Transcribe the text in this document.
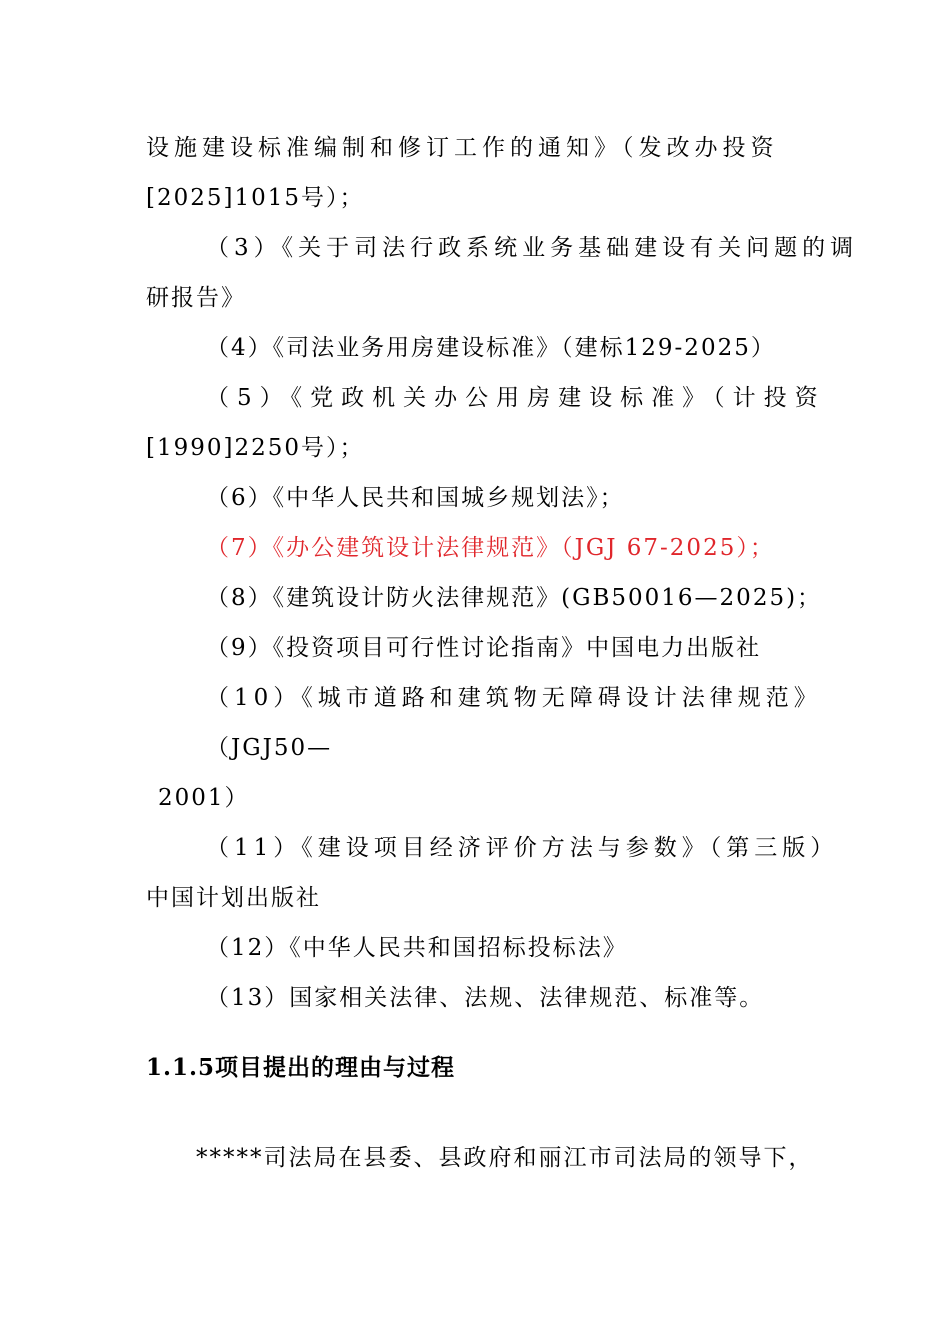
设施建设标准编制和修订工作的通知》（发改办投资
[2025]1015号）；
（3）《关于司法行政系统业务基础建设有关问题的调
研报告》
（4）《司法业务用房建设标准》（建标129-2025）
（5）《党政机关办公用房建设标准》（计投资
[1990]2250号）；
（6）《中华人民共和国城乡规划法》；
（7）《办公建筑设计法律规范》（JGJ 67-2025）；
（8）《建筑设计防火法律规范》(GB50016—2025)；
（9）《投资项目可行性讨论指南》中国电力出版社
（10）《城市道路和建筑物无障碍设计法律规范》
（JGJ50—
2001）
（11）《建设项目经济评价方法与参数》（第三版）
中国计划出版社
（12）《中华人民共和国招标投标法》
（13）国家相关法律、法规、法律规范、标准等。
1.1.5项目提出的理由与过程
*****司法局在县委、县政府和丽江市司法局的领导下，
